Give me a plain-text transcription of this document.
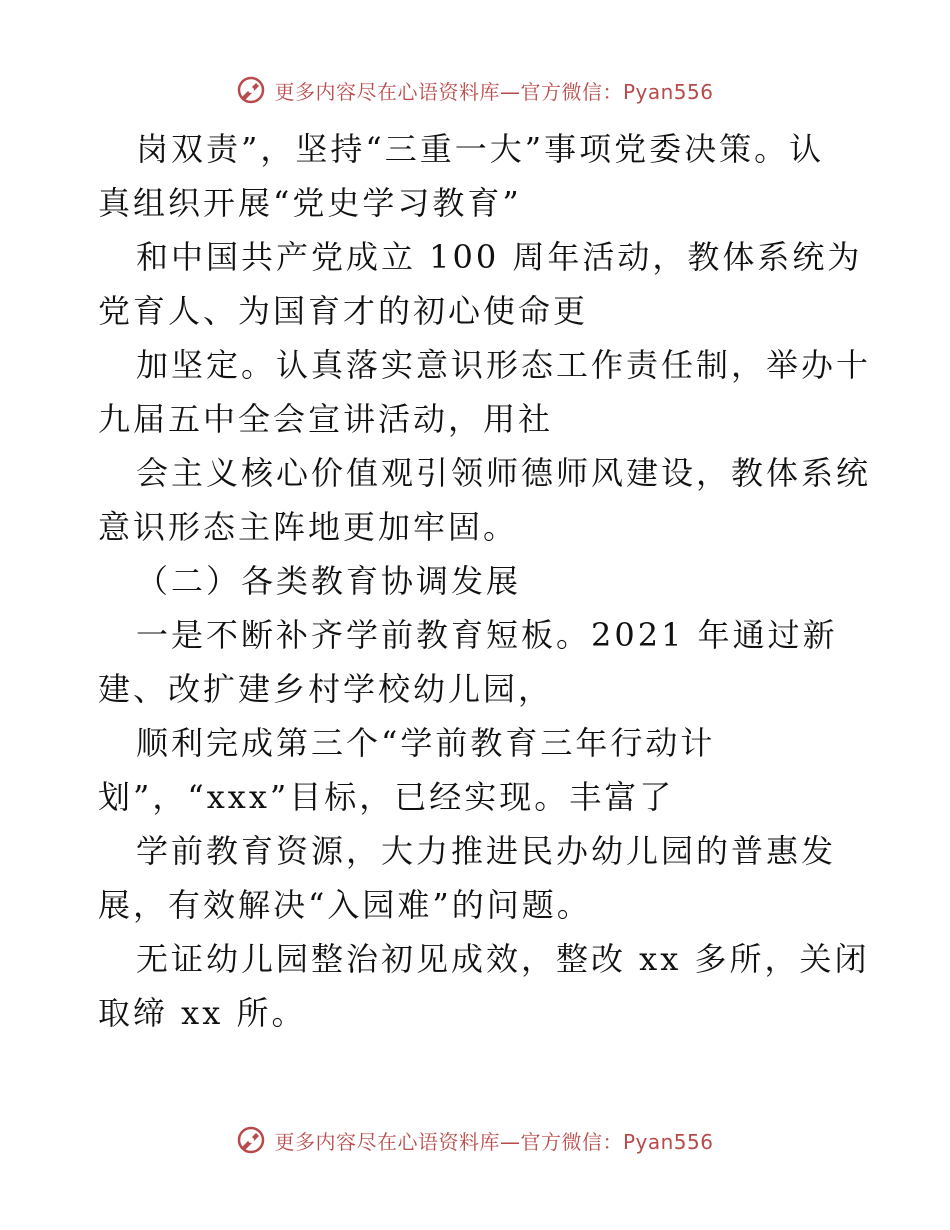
更多内容尽在心语资料库—官方微信：Pyan556
岗双责”，坚持“三重一大”事项党委决策。认
真组织开展“党史学习教育”
和中国共产党成立 100 周年活动，教体系统为
党育人、为国育才的初心使命更
加坚定。认真落实意识形态工作责任制，举办十
九届五中全会宣讲活动，用社
会主义核心价值观引领师德师风建设，教体系统
意识形态主阵地更加牢固。
（二）各类教育协调发展
一是不断补齐学前教育短板。2021 年通过新
建、改扩建乡村学校幼儿园，
顺利完成第三个“学前教育三年行动计
划”，“xxx”目标，已经实现。丰富了
学前教育资源，大力推进民办幼儿园的普惠发
展，有效解决“入园难”的问题。
无证幼儿园整治初见成效，整改 xx 多所，关闭
取缔 xx 所。
更多内容尽在心语资料库—官方微信：Pyan556
